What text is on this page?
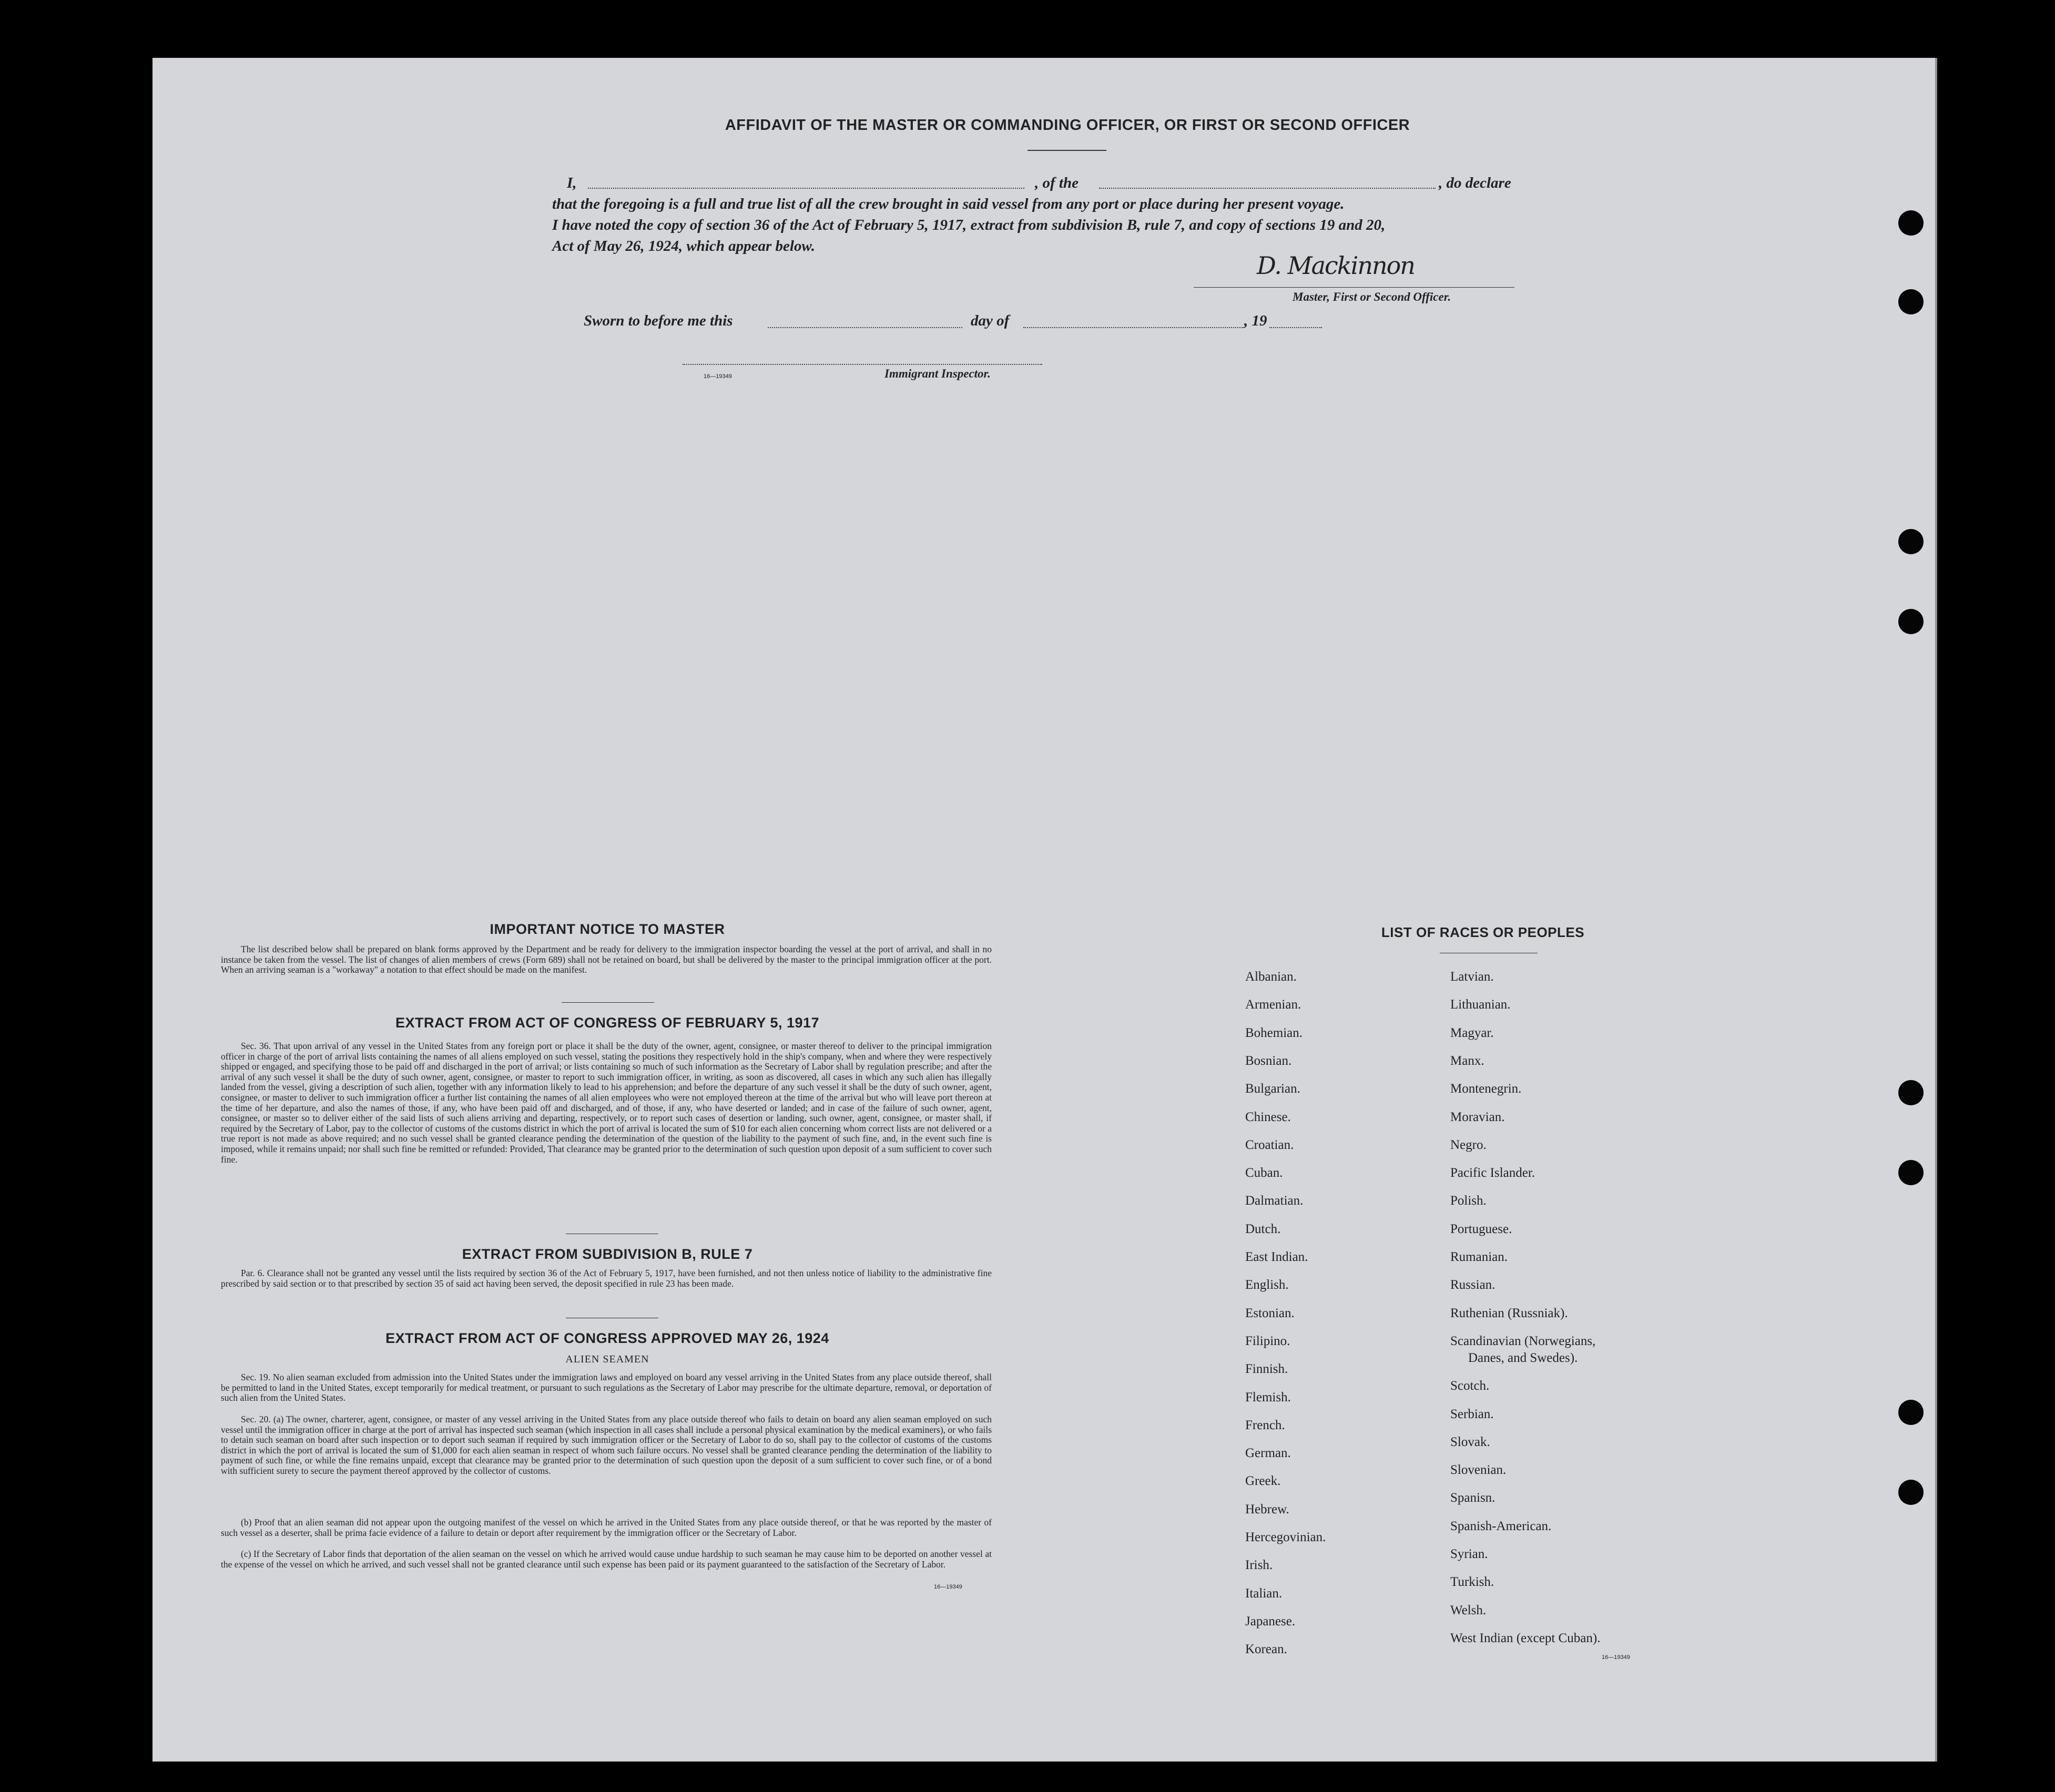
AFFIDAVIT OF THE MASTER OR COMMANDING OFFICER, OR FIRST OR SECOND OFFICER
I,	, of the	, do declare
that the foregoing is a full and true list of all the crew brought in said vessel from any port or place during her present voyage.
I have noted the copy of section 36 of the Act of February 5, 1917, extract from subdivision B, rule 7, and copy of sections 19 and 20,
Act of May 26, 1924, which appear below.
D. Mackinnon
Master, First or Second Officer.
Sworn to before me this	day of	, 19
16—19349	Immigrant Inspector.
IMPORTANT NOTICE TO MASTER
The list described below shall be prepared on blank forms approved by the Department and be ready for delivery to the immigration inspector boarding the vessel at the port of arrival, and shall in no instance be taken from the vessel. The list of changes of alien members of crews (Form 689) shall not be retained on board, but shall be delivered by the master to the principal immigration officer at the port. When an arriving seaman is a "workaway" a notation to that effect should be made on the manifest.
EXTRACT FROM ACT OF CONGRESS OF FEBRUARY 5, 1917
Sec. 36. That upon arrival of any vessel in the United States from any foreign port or place it shall be the duty of the owner, agent, consignee, or master thereof to deliver to the principal immigration officer in charge of the port of arrival lists containing the names of all aliens employed on such vessel, stating the positions they respectively hold in the ship's company, when and where they were respectively shipped or engaged, and specifying those to be paid off and discharged in the port of arrival; or lists containing so much of such information as the Secretary of Labor shall by regulation prescribe; and after the arrival of any such vessel it shall be the duty of such owner, agent, consignee, or master to report to such immigration officer, in writing, as soon as discovered, all cases in which any such alien has illegally landed from the vessel, giving a description of such alien, together with any information likely to lead to his apprehension; and before the departure of any such vessel it shall be the duty of such owner, agent, consignee, or master to deliver to such immigration officer a further list containing the names of all alien employees who were not employed thereon at the time of the arrival but who will leave port thereon at the time of her departure, and also the names of those, if any, who have been paid off and discharged, and of those, if any, who have deserted or landed; and in case of the failure of such owner, agent, consignee, or master so to deliver either of the said lists of such aliens arriving and departing, respectively, or to report such cases of desertion or landing, such owner, agent, consignee, or master shall, if required by the Secretary of Labor, pay to the collector of customs of the customs district in which the port of arrival is located the sum of $10 for each alien concerning whom correct lists are not delivered or a true report is not made as above required; and no such vessel shall be granted clearance pending the determination of the question of the liability to the payment of such fine, and, in the event such fine is imposed, while it remains unpaid; nor shall such fine be remitted or refunded: Provided, That clearance may be granted prior to the determination of such question upon deposit of a sum sufficient to cover such fine.
EXTRACT FROM SUBDIVISION B, RULE 7
Par. 6. Clearance shall not be granted any vessel until the lists required by section 36 of the Act of February 5, 1917, have been furnished, and not then unless notice of liability to the administrative fine prescribed by said section or to that prescribed by section 35 of said act having been served, the deposit specified in rule 23 has been made.
EXTRACT FROM ACT OF CONGRESS APPROVED MAY 26, 1924
ALIEN SEAMEN
Sec. 19. No alien seaman excluded from admission into the United States under the immigration laws and employed on board any vessel arriving in the United States from any place outside thereof, shall be permitted to land in the United States, except temporarily for medical treatment, or pursuant to such regulations as the Secretary of Labor may prescribe for the ultimate departure, removal, or deportation of such alien from the United States.
Sec. 20. (a) The owner, charterer, agent, consignee, or master of any vessel arriving in the United States from any place outside thereof who fails to detain on board any alien seaman employed on such vessel until the immigration officer in charge at the port of arrival has inspected such seaman (which inspection in all cases shall include a personal physical examination by the medical examiners), or who fails to detain such seaman on board after such inspection or to deport such seaman if required by such immigration officer or the Secretary of Labor to do so, shall pay to the collector of customs of the customs district in which the port of arrival is located the sum of $1,000 for each alien seaman in respect of whom such failure occurs. No vessel shall be granted clearance pending the determination of the liability to payment of such fine, or while the fine remains unpaid, except that clearance may be granted prior to the determination of such question upon the deposit of a sum sufficient to cover such fine, or of a bond with sufficient surety to secure the payment thereof approved by the collector of customs.
(b) Proof that an alien seaman did not appear upon the outgoing manifest of the vessel on which he arrived in the United States from any place outside thereof, or that he was reported by the master of such vessel as a deserter, shall be prima facie evidence of a failure to detain or deport after requirement by the immigration officer or the Secretary of Labor.
(c) If the Secretary of Labor finds that deportation of the alien seaman on the vessel on which he arrived would cause undue hardship to such seaman he may cause him to be deported on another vessel at the expense of the vessel on which he arrived, and such vessel shall not be granted clearance until such expense has been paid or its payment guaranteed to the satisfaction of the Secretary of Labor.
16—19349
LIST OF RACES OR PEOPLES
Albanian.
Armenian.
Bohemian.
Bosnian.
Bulgarian.
Chinese.
Croatian.
Cuban.
Dalmatian.
Dutch.
East Indian.
English.
Estonian.
Filipino.
Finnish.
Flemish.
French.
German.
Greek.
Hebrew.
Hercegovinian.
Irish.
Italian.
Japanese.
Korean.
Latvian.
Lithuanian.
Magyar.
Manx.
Montenegrin.
Moravian.
Negro.
Pacific Islander.
Polish.
Portuguese.
Rumanian.
Russian.
Ruthenian (Russniak).
Scandinavian (Norwegians,
Danes, and Swedes).
Scotch.
Serbian.
Slovak.
Slovenian.
Spanisn.
Spanish-American.
Syrian.
Turkish.
Welsh.
West Indian (except Cuban).
16—19349
